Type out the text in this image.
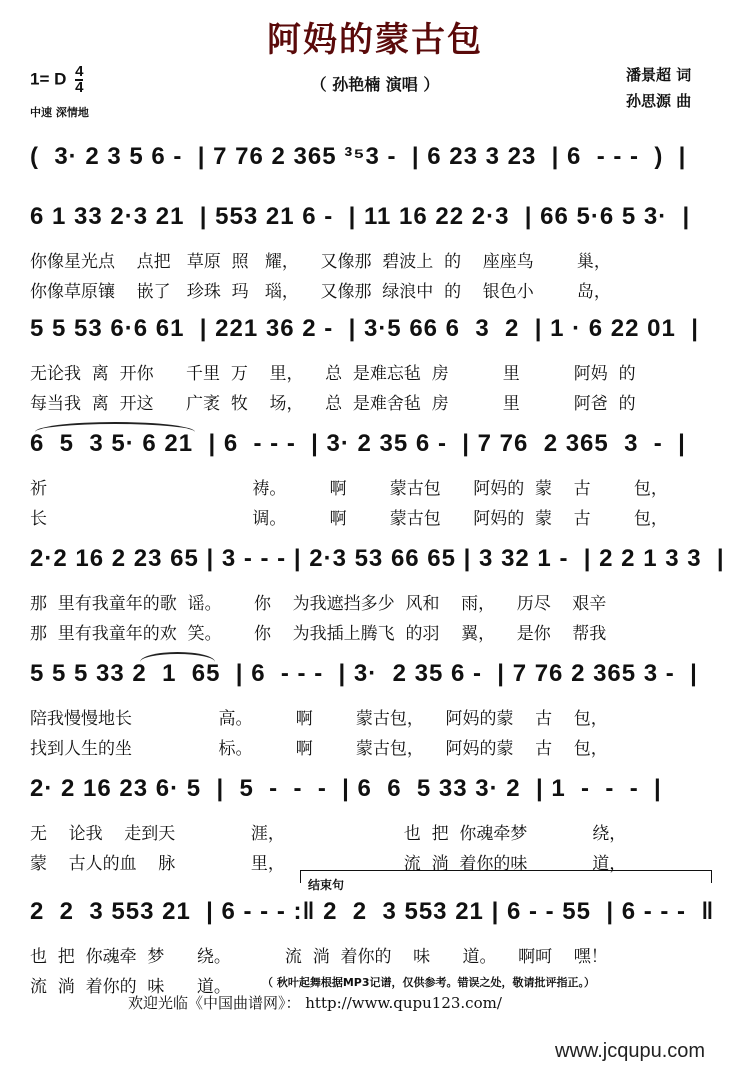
阿妈的蒙古包
1= D $\frac{4}{4}$
中速 深情地
（ 孙艳楠 演唱 ）	潘景超 词
孙思源 曲
(  3· 2 3 5 6 -  | 7 76 2 365 ³⁵3 -  | 6 23 3 23  | 6  - - -  )  |
6 1 33 2·3 21  | 553 21 6 -  | 11 16 22 2·3  | 66 5·6 5 3·  |
你像星光点    点把   草原  照   耀，    又像那  碧波上  的    座座鸟        巢，
你像草原镶    嵌了   珍珠  玛   瑙，    又像那  绿浪中  的    银色小        岛，
5 5 53 6·6 61  | 221 36 2 -  | 3·5 66 6  3  2  | 1 · 6 22 01  |
无论我  离  开你      千里  万    里，    总  是难忘毡  房          里          阿妈  的
每当我  离  开这      广袤  牧    场，    总  是难舍毡  房          里          阿爸  的
6  5  3 5· 6 21  | 6  - - -  | 3· 2 35 6 -  | 7 76  2 365  3  -  |
祈                                      祷。        啊        蒙古包      阿妈的  蒙    古        包，
长                                      调。        啊        蒙古包      阿妈的  蒙    古        包，
2·2 16 2 23 65 | 3 - - - | 2·3 53 66 65 | 3 32 1 -  | 2 2 1 3 3  |
那  里有我童年的歌  谣。      你    为我遮挡多少  风和    雨，    历尽    艰辛
那  里有我童年的欢  笑。      你    为我插上腾飞  的羽    翼，    是你    帮我
5 5 5 33 2  1  65  | 6  - - -  | 3·  2 35 6 -  | 7 76 2 365 3 -  |
陪我慢慢地长                高。        啊        蒙古包，    阿妈的蒙    古    包，
找到人生的坐                标。        啊        蒙古包，    阿妈的蒙    古    包，
2· 2 16 23 6· 5  |  5  -  -  -  | 6  6  5 33 3· 2  | 1  -  -  -  |
无    论我    走到天              涯，                      也  把  你魂牵梦            绕，
蒙    古人的血    脉              里，                      流  淌  着你的味            道，
结束句
2  2  3 553 21  | 6 - - - :‖ 2  2  3 553 21 | 6 - - 55  | 6 - - -  ‖
也  把  你魂牵  梦      绕。          流  淌  着你的    味      道。    啊呵    嘿！
流  淌  着你的  味      道。	（ 秋叶起舞根据MP3记谱，仅供参考。错误之处，敬请批评指正。）
欢迎光临《中国曲谱网》： http://www.qupu123.com/
www.jcqupu.com
